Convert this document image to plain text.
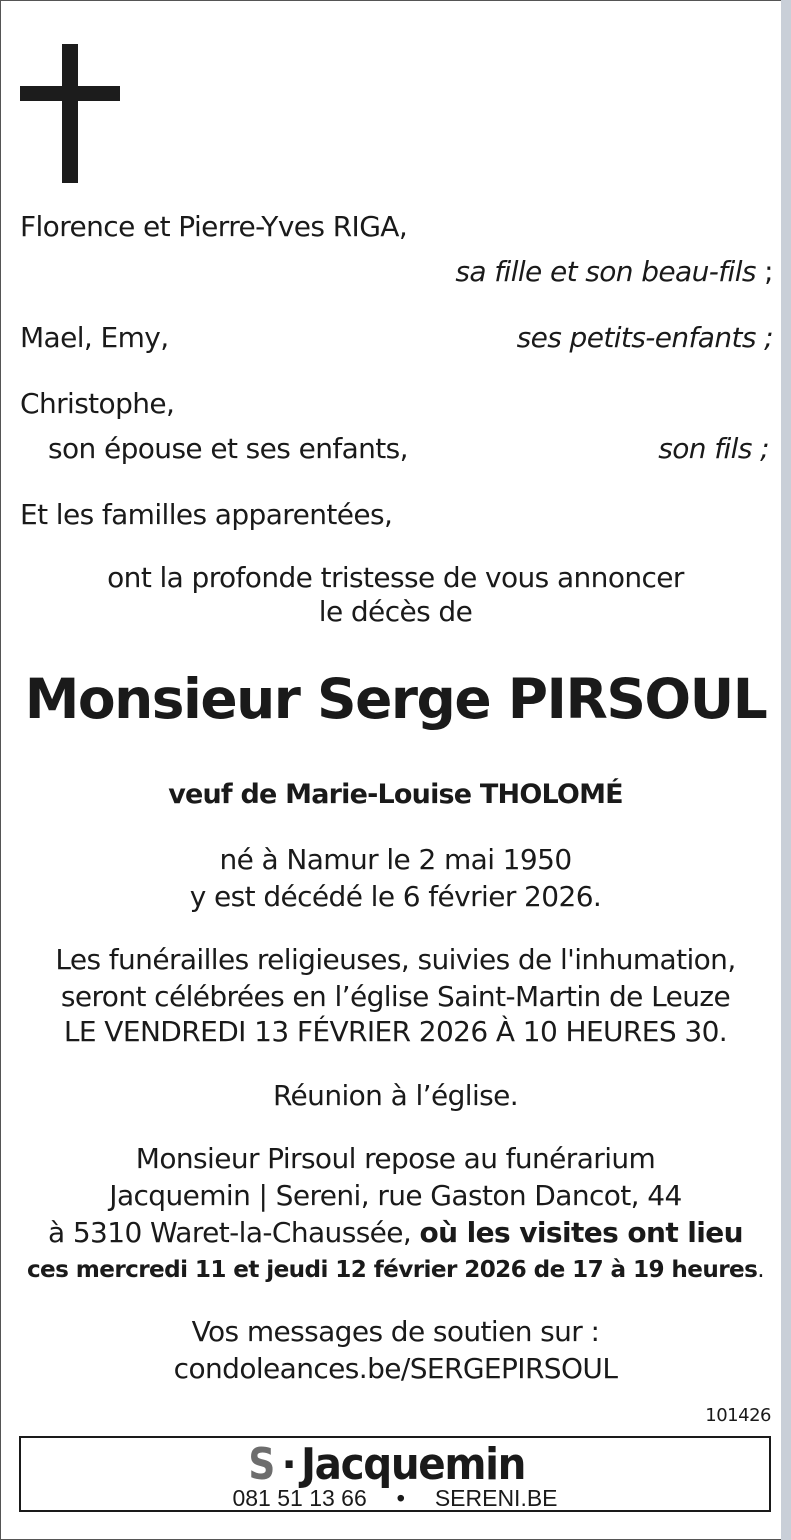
Florence et Pierre-Yves RIGA,
sa fille et son beau-fils ;
Mael, Emy,	ses petits-enfants ;
Christophe,
son épouse et ses enfants,	son fils ;
Et les familles apparentées,
ont la profonde tristesse de vous annoncer
le décès de
Monsieur Serge PIRSOUL
veuf de Marie-Louise THOLOMÉ
né à Namur le 2 mai 1950
y est décédé le 6 février 2026.
Les funérailles religieuses, suivies de l'inhumation,
seront célébrées en l’église Saint-Martin de Leuze
LE VENDREDI 13 FÉVRIER 2026 À 10 HEURES 30.
Réunion à l’église.
Monsieur Pirsoul repose au funérarium
Jacquemin | Sereni, rue Gaston Dancot, 44
à 5310 Waret-la-Chaussée, où les visites ont lieu
ces mercredi 11 et jeudi 12 février 2026 de 17 à 19 heures.
Vos messages de soutien sur :
condoleances.be/SERGEPIRSOUL
101426
S ·Jacquemin
081 51 13 66 • SERENI.BE
